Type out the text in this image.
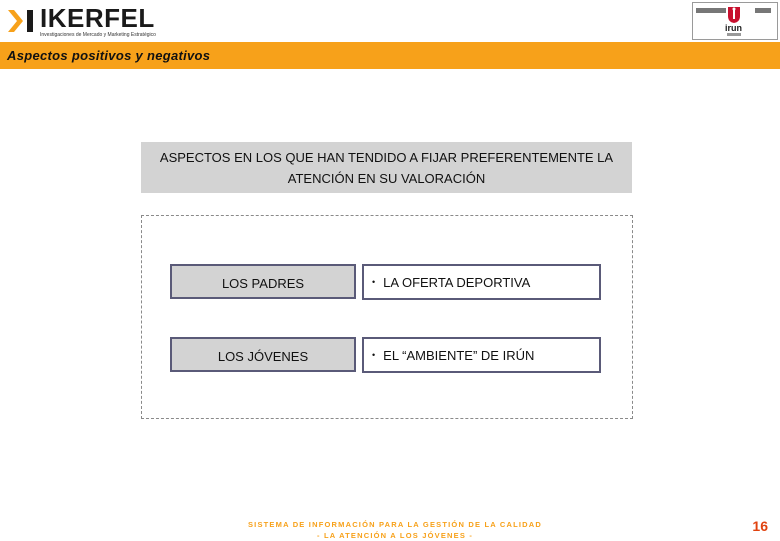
IKERFEL
Investigaciones de Mercado y Marketing Estratégico
irun
Aspectos positivos y negativos
ASPECTOS EN LOS QUE HAN TENDIDO A FIJAR PREFERENTEMENTE LA ATENCIÓN EN SU VALORACIÓN
LOS PADRES	• LA OFERTA DEPORTIVA
LOS JÓVENES	• EL “AMBIENTE” DE IRÚN
SISTEMA DE INFORMACIÓN PARA LA GESTIÓN DE LA CALIDAD
- LA ATENCIÓN A LOS JÓVENES -
16
